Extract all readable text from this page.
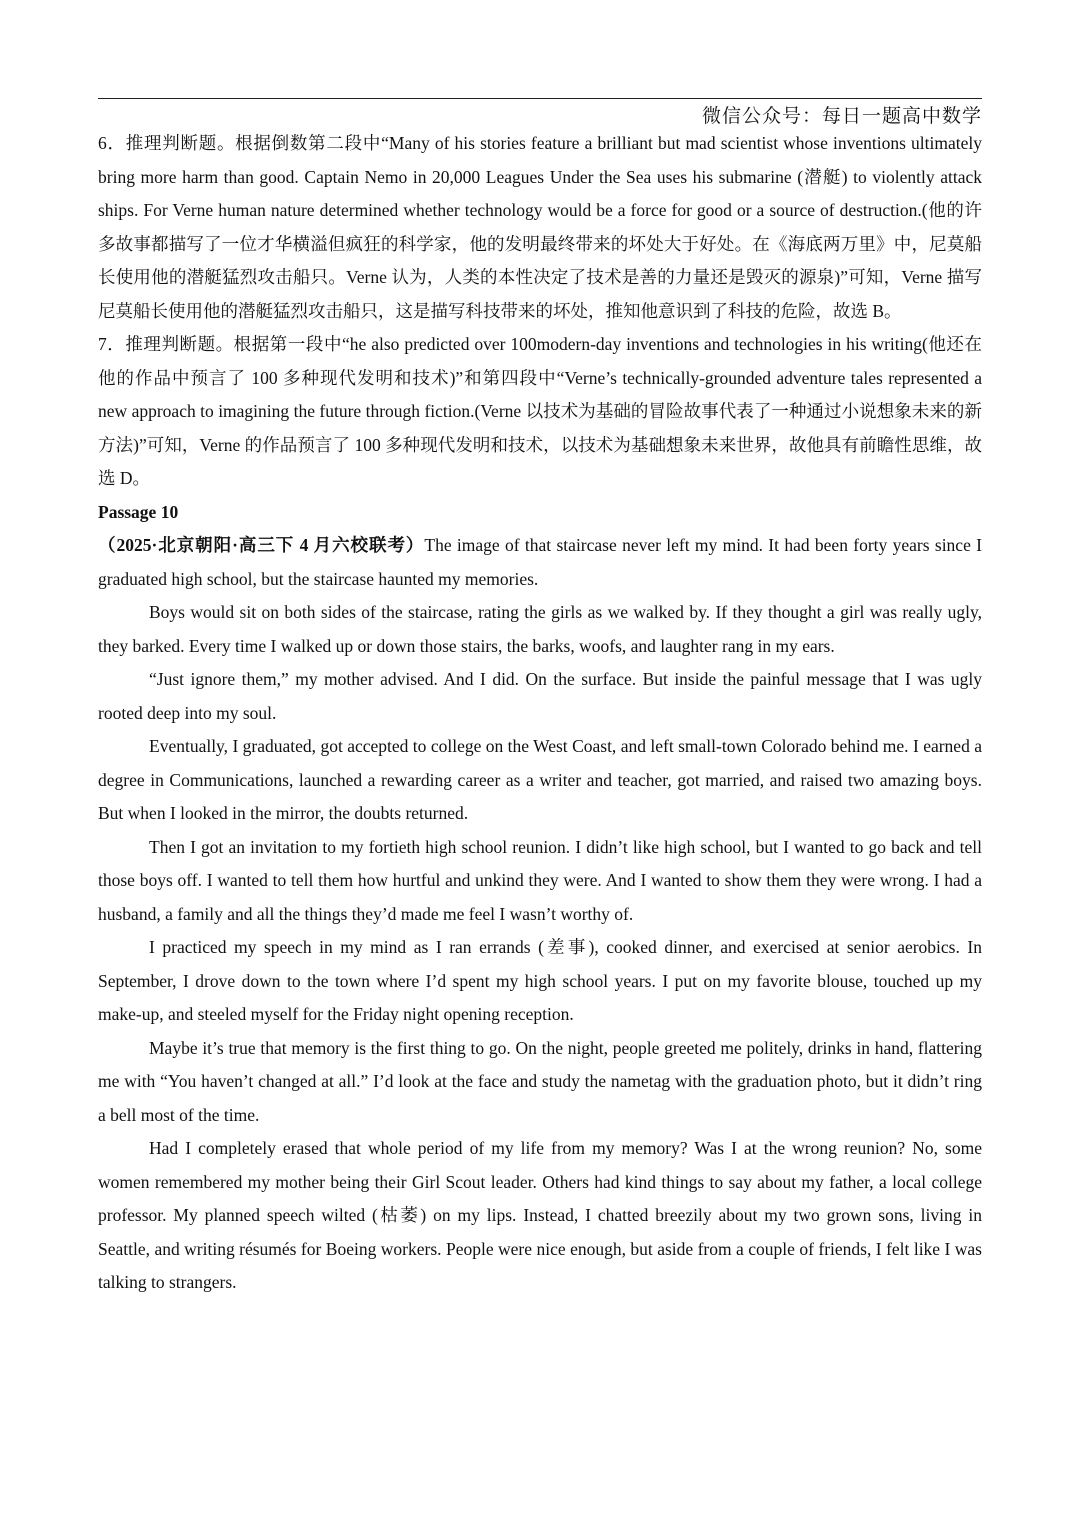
微信公众号：每日一题高中数学

6．推理判断题。根据倒数第二段中“Many of his stories feature a brilliant but mad scientist whose inventions ultimately bring more harm than good. Captain Nemo in 20,000 Leagues Under the Sea uses his submarine (潜艇) to violently attack ships. For Verne human nature determined whether technology would be a force for good or a source of destruction.(他的许多故事都描写了一位才华横溢但疯狂的科学家，他的发明最终带来的坏处大于好处。在《海底两万里》中，尼莫船长使用他的潜艇猛烈攻击船只。Verne 认为，人类的本性决定了技术是善的力量还是毁灭的源泉)”可知，Verne 描写尼莫船长使用他的潜艇猛烈攻击船只，这是描写科技带来的坏处，推知他意识到了科技的危险，故选 B。

7．推理判断题。根据第一段中“he also predicted over 100modern-day inventions and technologies in his writing(他还在他的作品中预言了 100 多种现代发明和技术)”和第四段中“Verne’s technically-grounded adventure tales represented a new approach to imagining the future through fiction.(Verne 以技术为基础的冒险故事代表了一种通过小说想象未来的新方法)”可知，Verne 的作品预言了 100 多种现代发明和技术，以技术为基础想象未来世界，故他具有前瞻性思维，故选 D。

Passage 10

（2025·北京朝阳·高三下 4 月六校联考）The image of that staircase never left my mind. It had been forty years since I graduated high school, but the staircase haunted my memories.

Boys would sit on both sides of the staircase, rating the girls as we walked by. If they thought a girl was really ugly, they barked. Every time I walked up or down those stairs, the barks, woofs, and laughter rang in my ears.

“Just ignore them,” my mother advised. And I did. On the surface. But inside the painful message that I was ugly rooted deep into my soul.

Eventually, I graduated, got accepted to college on the West Coast, and left small-town Colorado behind me. I earned a degree in Communications, launched a rewarding career as a writer and teacher, got married, and raised two amazing boys. But when I looked in the mirror, the doubts returned.

Then I got an invitation to my fortieth high school reunion. I didn’t like high school, but I wanted to go back and tell those boys off. I wanted to tell them how hurtful and unkind they were. And I wanted to show them they were wrong. I had a husband, a family and all the things they’d made me feel I wasn’t worthy of.

I practiced my speech in my mind as I ran errands (差事), cooked dinner, and exercised at senior aerobics. In September, I drove down to the town where I’d spent my high school years. I put on my favorite blouse, touched up my make-up, and steeled myself for the Friday night opening reception.

Maybe it’s true that memory is the first thing to go. On the night, people greeted me politely, drinks in hand, flattering me with “You haven’t changed at all.” I’d look at the face and study the nametag with the graduation photo, but it didn’t ring a bell most of the time.

Had I completely erased that whole period of my life from my memory? Was I at the wrong reunion? No, some women remembered my mother being their Girl Scout leader. Others had kind things to say about my father, a local college professor. My planned speech wilted (枯萎) on my lips. Instead, I chatted breezily about my two grown sons, living in Seattle, and writing résumés for Boeing workers. People were nice enough, but aside from a couple of friends, I felt like I was talking to strangers.
